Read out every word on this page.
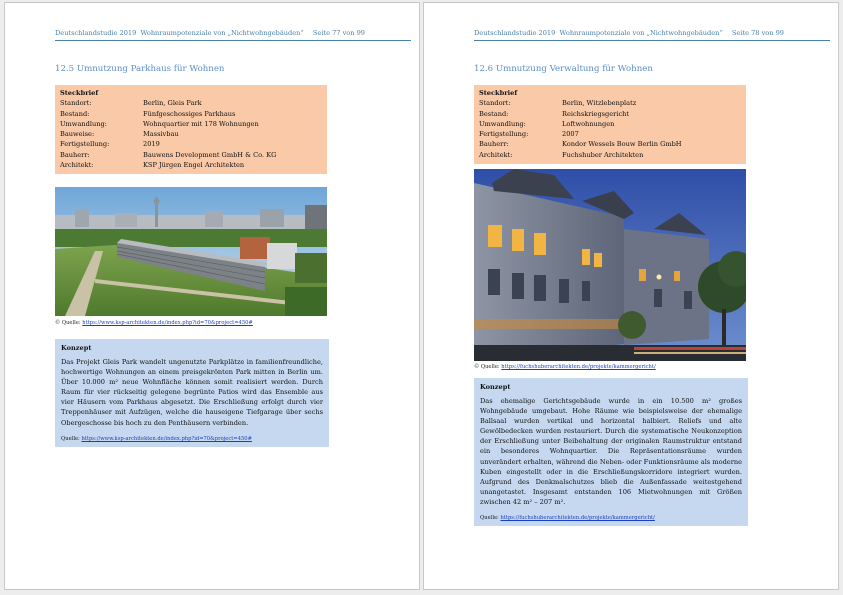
Deutschlandstudie 2019 Wohnraumpotenziale von „Nichtwohngebäuden“ Seite 77 von 99
12.5 Umnutzung Parkhaus für Wohnen
Steckbrief
Standort:	Berlin, Gleis Park
Bestand:	Fünfgeschossiges Parkhaus
Umwandlung:	Wohnquartier mit 178 Wohnungen
Bauweise:	Massivbau
Fertigstellung:	2019
Bauherr:	Bauwens Development GmbH & Co. KG
Architekt:	KSP Jürgen Engel Architekten
© Quelle: https://www.ksp-architekten.de/index.php?id=70&project=450#
Konzept
Das Projekt Gleis Park wandelt ungenutzte Parkplätze in familienfreundliche, hochwertige Wohnungen an einem preisgekrönten Park mitten in Berlin um. Über 10.000 m² neue Wohnfläche können somit realisiert werden. Durch Raum für vier rückseitig gelegene begrünte Patios wird das Ensemble aus vier Häusern vom Parkhaus abgesetzt. Die Erschließung erfolgt durch vier Treppenhäuser mit Aufzügen, welche die hauseigene Tiefgarage über sechs Obergeschosse bis hoch zu den Penthäusern verbinden.
Quelle: https://www.ksp-architekten.de/index.php?id=70&project=450#
Deutschlandstudie 2019 Wohnraumpotenziale von „Nichtwohngebäuden“ Seite 78 von 99
12.6 Umnutzung Verwaltung für Wohnen
Steckbrief
Standort:	Berlin, Witzlebenplatz
Bestand:	Reichskriegsgericht
Umwandlung:	Loftwohnungen
Fertigstellung:	2007
Bauherr:	Kondor Wessels Bouw Berlin GmbH
Architekt:	Fuchshuber Architekten
© Quelle: https://fuchshuberarchitekten.de/projekte/kammergericht/
Konzept
Das ehemalige Gerichtsgebäude wurde in ein 10.500 m² großes Wohngebäude umgebaut. Hohe Räume wie beispielsweise der ehemalige Ballsaal wurden vertikal und horizontal halbiert. Reliefs und alte Gewölbedecken wurden restauriert. Durch die systematische Neukonzeption der Erschließung unter Beibehaltung der originalen Raumstruktur entstand ein besonderes Wohnquartier. Die Repräsentationsräume wurden unverändert erhalten, während die Neben- oder Funktionsräume als moderne Kuben eingestellt oder in die Erschließungskorridore integriert wurden. Aufgrund des Denkmalschutzes blieb die Außenfassade weitestgehend unangetastet. Insgesamt entstanden 106 Mietwohnungen mit Größen zwischen 42 m² – 207 m².
Quelle: https://fuchshuberarchitekten.de/projekte/kammergericht/
